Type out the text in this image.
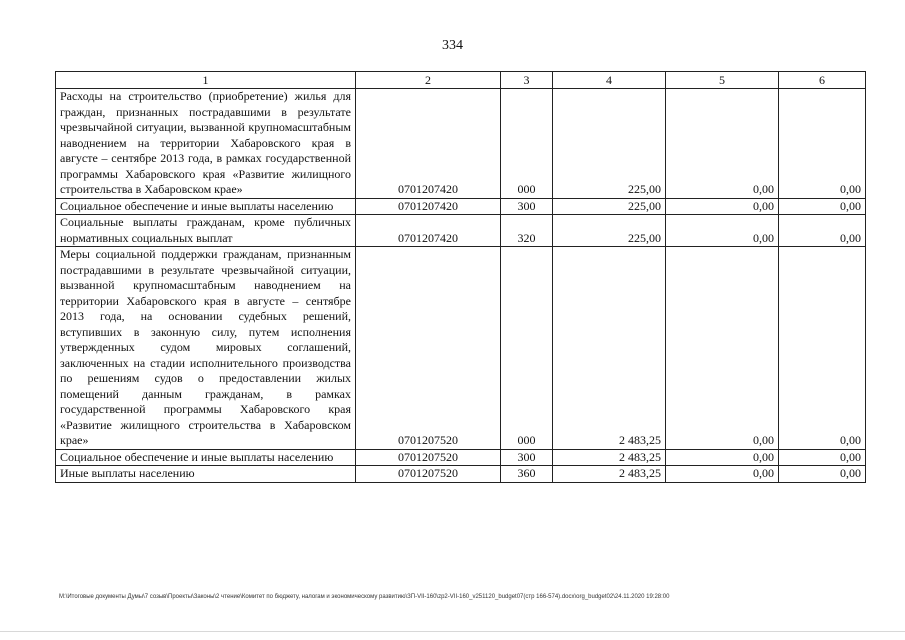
334
1	2	3	4	5	6
Расходы на строительство (приобретение) жилья для граждан, признанных пострадавшими в результате чрезвычайной ситуации, вызванной крупномасштабным наводнением на территории Хабаровского края в августе – сентябре 2013 года, в рамках государственной программы Хабаровского края «Развитие жилищного строительства в Хабаровском крае»	0701207420	000	225,00	0,00	0,00
Социальное обеспечение и иные выплаты населению	0701207420	300	225,00	0,00	0,00
Социальные выплаты гражданам, кроме публичных нормативных социальных выплат	0701207420	320	225,00	0,00	0,00
Меры социальной поддержки гражданам, признанным пострадавшими в результате чрезвычайной ситуации, вызванной крупномасштабным наводнением на территории Хабаровского края в августе – сентябре 2013 года, на основании судебных решений, вступивших в законную силу, путем исполнения утвержденных судом мировых соглашений, заключенных на стадии исполнительного производства по решениям судов о предоставлении жилых помещений данным гражданам, в рамках государственной программы Хабаровского края «Развитие жилищного строительства в Хабаровском крае»	0701207520	000	2 483,25	0,00	0,00
Социальное обеспечение и иные выплаты населению	0701207520	300	2 483,25	0,00	0,00
Иные выплаты населению	0701207520	360	2 483,25	0,00	0,00
M:\Итоговые документы Думы\7 созыв\Проекты\Законы\2 чтение\Комитет по бюджету, налогам и экономическому развитию\ЗП-VII-160\zp2-VII-160_v251120_budget07(стр 166-574).docx\org_budget02\24.11.2020 19:28:00
